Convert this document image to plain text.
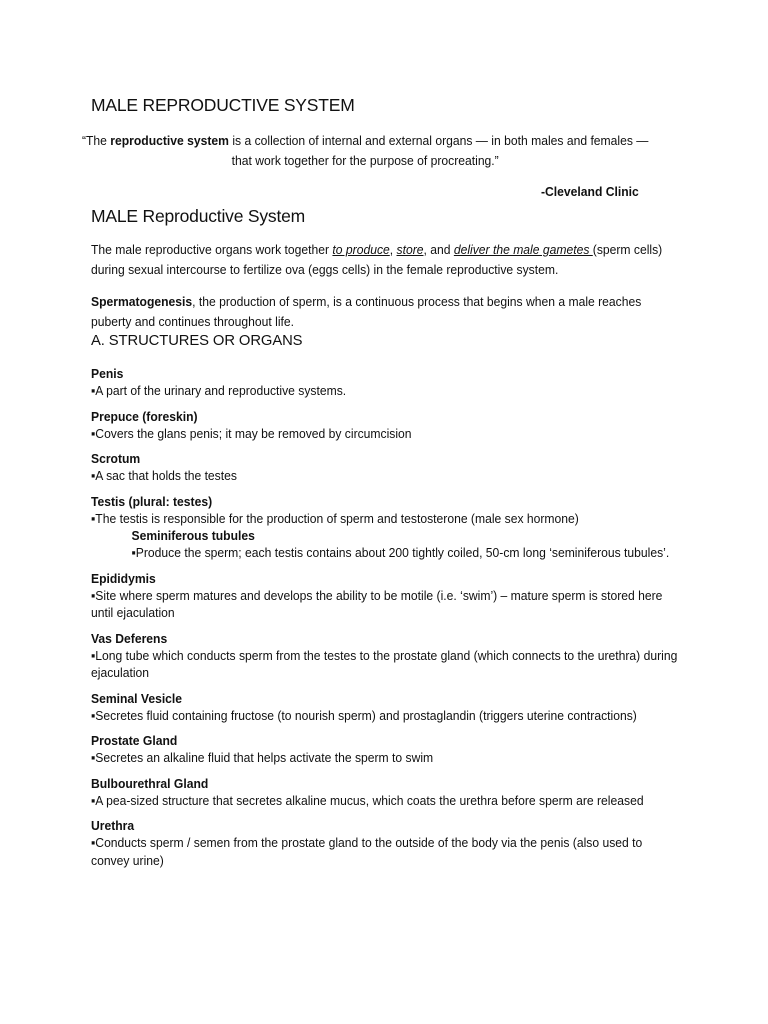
MALE REPRODUCTIVE SYSTEM
“The reproductive system is a collection of internal and external organs — in both males and females — that work together for the purpose of procreating.”
-Cleveland Clinic
MALE Reproductive System
The male reproductive organs work together to produce, store, and deliver the male gametes (sperm cells) during sexual intercourse to fertilize ova (eggs cells) in the female reproductive system.
Spermatogenesis, the production of sperm, is a continuous process that begins when a male reaches puberty and continues throughout life.
A. STRUCTURES OR ORGANS
Penis
▪A part of the urinary and reproductive systems.
Prepuce (foreskin)
▪Covers the glans penis; it may be removed by circumcision
Scrotum
▪A sac that holds the testes
Testis (plural: testes)
▪The testis is responsible for the production of sperm and testosterone (male sex hormone)
Seminiferous tubules
▪Produce the sperm; each testis contains about 200 tightly coiled, 50-cm long ‘seminiferous tubules’.
Epididymis
▪Site where sperm matures and develops the ability to be motile (i.e. ‘swim’) – mature sperm is stored here until ejaculation
Vas Deferens
▪Long tube which conducts sperm from the testes to the prostate gland (which connects to the urethra) during ejaculation
Seminal Vesicle
▪Secretes fluid containing fructose (to nourish sperm) and prostaglandin (triggers uterine contractions)
Prostate Gland
▪Secretes an alkaline fluid that helps activate the sperm to swim
Bulbourethral Gland
▪A pea-sized structure that secretes alkaline mucus, which coats the urethra before sperm are released
Urethra
▪Conducts sperm / semen from the prostate gland to the outside of the body via the penis (also used to convey urine)
